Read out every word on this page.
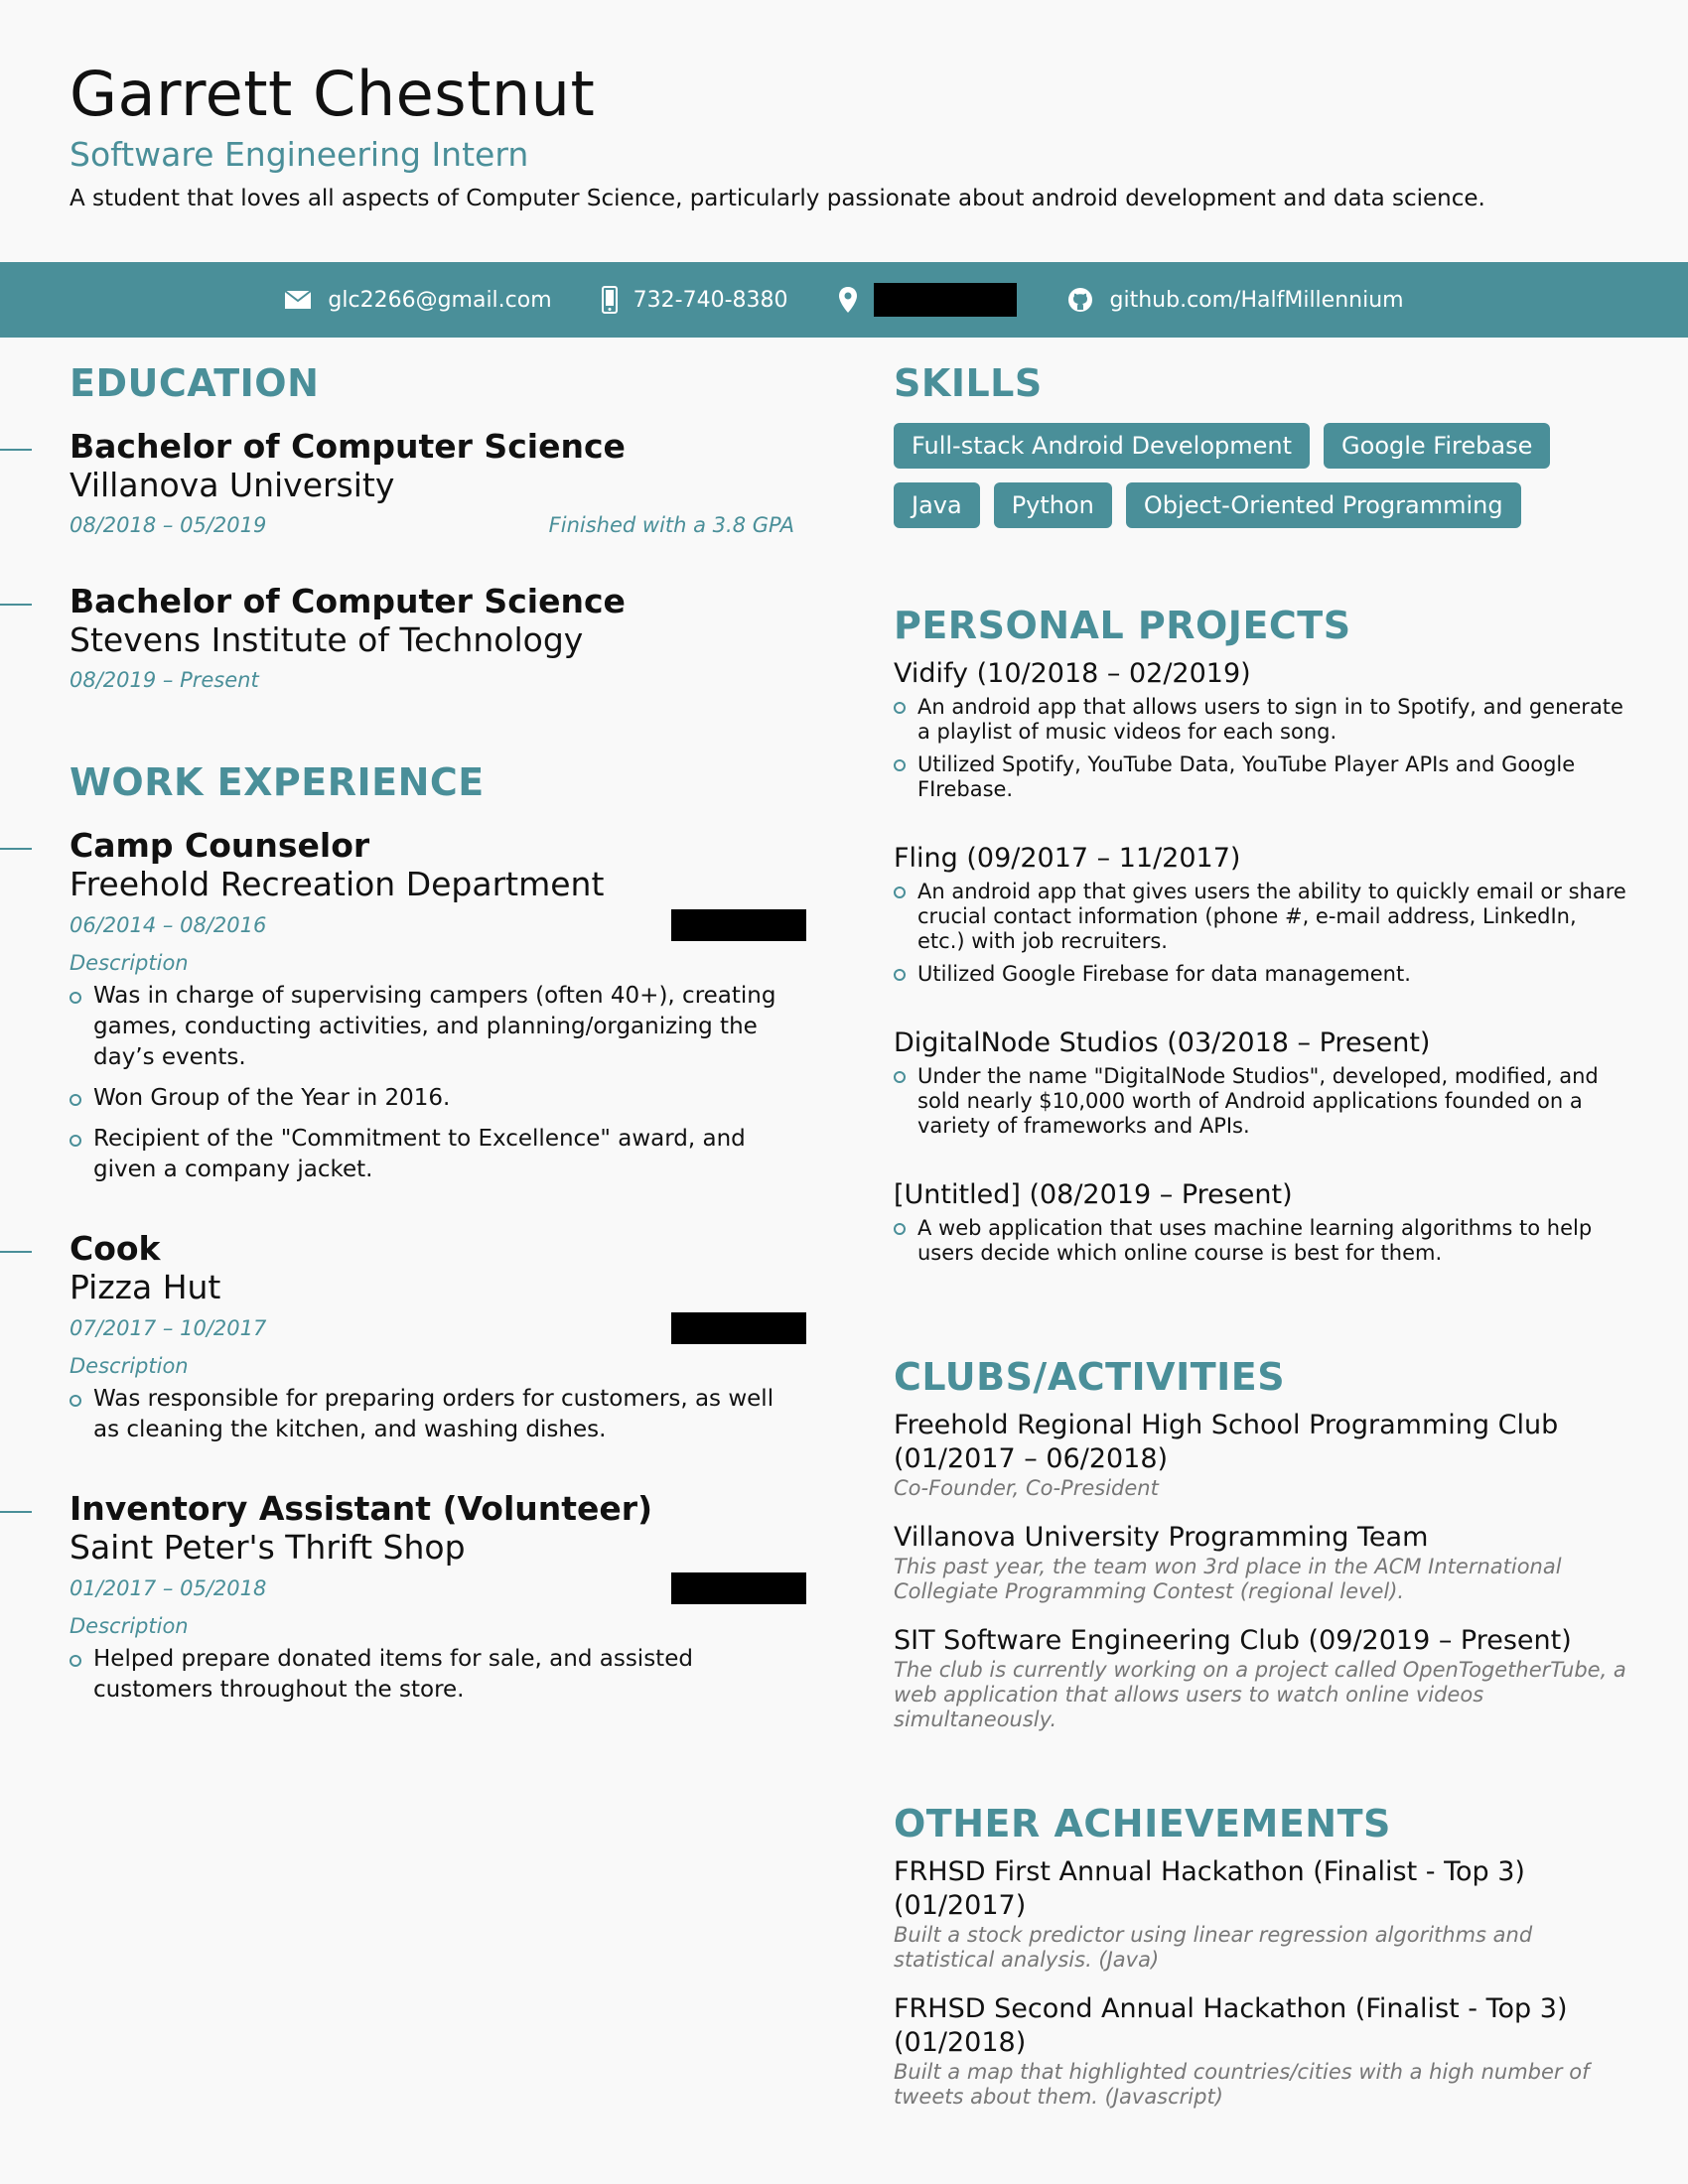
Garrett Chestnut
Software Engineering Intern
A student that loves all aspects of Computer Science, particularly passionate about android development and data science.
glc2266@gmail.com	732-740-8380	github.com/HalfMillennium
EDUCATION
Bachelor of Computer Science
Villanova University
08/2018 – 05/2019	Finished with a 3.8 GPA
Bachelor of Computer Science
Stevens Institute of Technology
08/2019 – Present
WORK EXPERIENCE
Camp Counselor
Freehold Recreation Department
06/2014 – 08/2016
Description
Was in charge of supervising campers (often 40+), creating games, conducting activities, and planning/organizing the day’s events.
Won Group of the Year in 2016.
Recipient of the "Commitment to Excellence" award, and given a company jacket.
Cook
Pizza Hut
07/2017 – 10/2017
Description
Was responsible for preparing orders for customers, as well as cleaning the kitchen, and washing dishes.
Inventory Assistant (Volunteer)
Saint Peter's Thrift Shop
01/2017 – 05/2018
Description
Helped prepare donated items for sale, and assisted customers throughout the store.
SKILLS
Full-stack Android Development	Google Firebase
Java	Python	Object-Oriented Programming
PERSONAL PROJECTS
Vidify (10/2018 – 02/2019)
An android app that allows users to sign in to Spotify, and generate a playlist of music videos for each song.
Utilized Spotify, YouTube Data, YouTube Player APIs and Google FIrebase.
Fling (09/2017 – 11/2017)
An android app that gives users the ability to quickly email or share crucial contact information (phone #, e-mail address, LinkedIn, etc.) with job recruiters.
Utilized Google Firebase for data management.
DigitalNode Studios (03/2018 – Present)
Under the name "DigitalNode Studios", developed, modified, and sold nearly $10,000 worth of Android applications founded on a variety of frameworks and APIs.
[Untitled] (08/2019 – Present)
A web application that uses machine learning algorithms to help users decide which online course is best for them.
CLUBS/ACTIVITIES
Freehold Regional High School Programming Club (01/2017 – 06/2018)
Co-Founder, Co-President
Villanova University Programming Team
This past year, the team won 3rd place in the ACM International Collegiate Programming Contest (regional level).
SIT Software Engineering Club (09/2019 – Present)
The club is currently working on a project called OpenTogetherTube, a web application that allows users to watch online videos simultaneously.
OTHER ACHIEVEMENTS
FRHSD First Annual Hackathon (Finalist - Top 3) (01/2017)
Built a stock predictor using linear regression algorithms and statistical analysis. (Java)
FRHSD Second Annual Hackathon (Finalist - Top 3) (01/2018)
Built a map that highlighted countries/cities with a high number of tweets about them. (Javascript)
